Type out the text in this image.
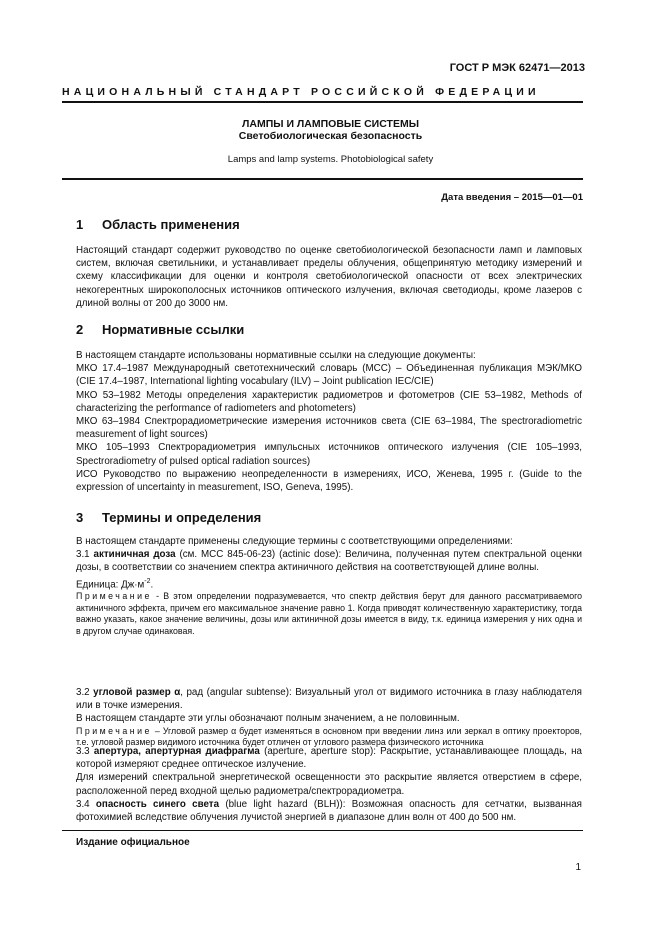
ГОСТ Р МЭК 62471—2013
НАЦИОНАЛЬНЫЙ СТАНДАРТ РОССИЙСКОЙ ФЕДЕРАЦИИ
ЛАМПЫ И ЛАМПОВЫЕ СИСТЕМЫ
Светобиологическая безопасность
Lamps and lamp systems. Photobiological safety
Дата введения – 2015—01—01
1 Область применения

Настоящий стандарт содержит руководство по оценке светобиологической безопасности ламп и ламповых систем, включая светильники, и устанавливает пределы облучения, общепринятую методику измерений и схему классификации для оценки и контроля светобиологической опасности от всех электрических некогерентных широкополосных источников оптического излучения, включая светодиоды, кроме лазеров с длиной волны от 200 до 3000 нм.

2 Нормативные ссылки

В настоящем стандарте использованы нормативные ссылки на следующие документы:

МКО 17.4–1987 Международный светотехнический словарь (МСС) – Объединенная публикация МЭК/МКО (CIE 17.4–1987, International lighting vocabulary (ILV) – Joint publication IEC/CIE)

МКО 53–1982 Методы определения характеристик радиометров и фотометров (CIE 53–1982, Methods of characterizing the performance of radiometers and photometers)

МКО 63–1984 Спектрорадиометрические измерения источников света (CIE 63–1984, The spectroradiometric measurement of light sources)

МКО 105–1993 Спектрорадиометрия импульсных источников оптического излучения (CIE 105–1993, Spectroradiometry of pulsed optical radiation sources)

ИСО Руководство по выражению неопределенности в измерениях, ИСО, Женева, 1995 г. (Guide to the expression of uncertainty in measurement, ISO, Geneva, 1995).

3 Термины и определения

В настоящем стандарте применены следующие термины с соответствующими определениями:

3.1 актиничная доза (см. МСС 845-06-23) (actinic dose): Величина, полученная путем спектральной оценки дозы, в соответствии со значением спектра актиничного действия на соответствующей длине волны.

Единица: $Дж\cdot м^{-2}$.

Примечание - В этом определении подразумевается, что спектр действия берут для данного рассматриваемого актиничного эффекта, причем его максимальное значение равно 1. Когда приводят количественную характеристику, тогда важно указать, какое значение величины, дозы или актиничной дозы имеется в виду, т.к. единица измерения у них одна и в другом случае одинаковая.

3.2 угловой размер α, рад (angular subtense): Визуальный угол от видимого источника в глазу наблюдателя или в точке измерения.

В настоящем стандарте эти углы обозначают полным значением, а не половинным.

Примечание – Угловой размер α будет изменяться в основном при введении линз или зеркал в оптику проекторов, т.е. угловой размер видимого источника будет отличен от углового размера физического источника

3.3 апертура, апертурная диафрагма (aperture, aperture stop): Раскрытие, устанавливающее площадь, на которой измеряют среднее оптическое излучение.

Для измерений спектральной энергетической освещенности это раскрытие является отверстием в сфере, расположенной перед входной щелью радиометра/спектрорадиометра.

3.4 опасность синего света (blue light hazard (BLH)): Возможная опасность для сетчатки, вызванная фотохимией вследствие облучения лучистой энергией в диапазоне длин волн от 400 до 500 нм.

Издание официальное
1
